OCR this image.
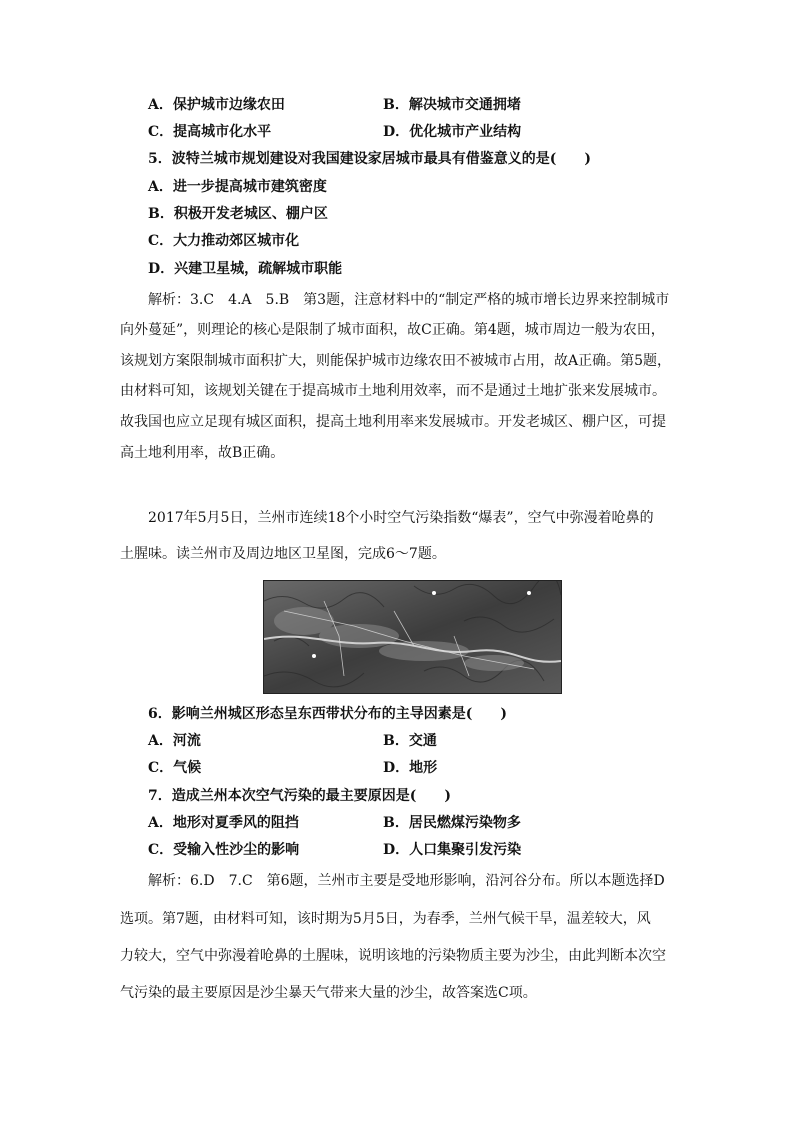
A．保护城市边缘农田	B．解决城市交通拥堵
C．提高城市化水平	D．优化城市产业结构
5．波特兰城市规划建设对我国建设家居城市最具有借鉴意义的是(　　)
A．进一步提高城市建筑密度
B．积极开发老城区、棚户区
C．大力推动郊区城市化
D．兴建卫星城，疏解城市职能
解析：3.C　4.A　5.B　第3题，注意材料中的“制定严格的城市增长边界来控制城市
向外蔓延”，则理论的核心是限制了城市面积，故C正确。第4题，城市周边一般为农田，
该规划方案限制城市面积扩大，则能保护城市边缘农田不被城市占用，故A正确。第5题，
由材料可知，该规划关键在于提高城市土地利用效率，而不是通过土地扩张来发展城市。
故我国也应立足现有城区面积，提高土地利用率来发展城市。开发老城区、棚户区，可提
高土地利用率，故B正确。
2017年5月5日，兰州市连续18个小时空气污染指数“爆表”，空气中弥漫着呛鼻的
土腥味。读兰州市及周边地区卫星图，完成6～7题。
6．影响兰州城区形态呈东西带状分布的主导因素是(　　)
A．河流	B．交通
C．气候	D．地形
7．造成兰州本次空气污染的最主要原因是(　　)
A．地形对夏季风的阻挡	B．居民燃煤污染物多
C．受输入性沙尘的影响	D．人口集聚引发污染
解析：6.D　7.C　第6题，兰州市主要是受地形影响，沿河谷分布。所以本题选择D
选项。第7题，由材料可知，该时期为5月5日，为春季，兰州气候干旱，温差较大，风
力较大，空气中弥漫着呛鼻的土腥味，说明该地的污染物质主要为沙尘，由此判断本次空
气污染的最主要原因是沙尘暴天气带来大量的沙尘，故答案选C项。
